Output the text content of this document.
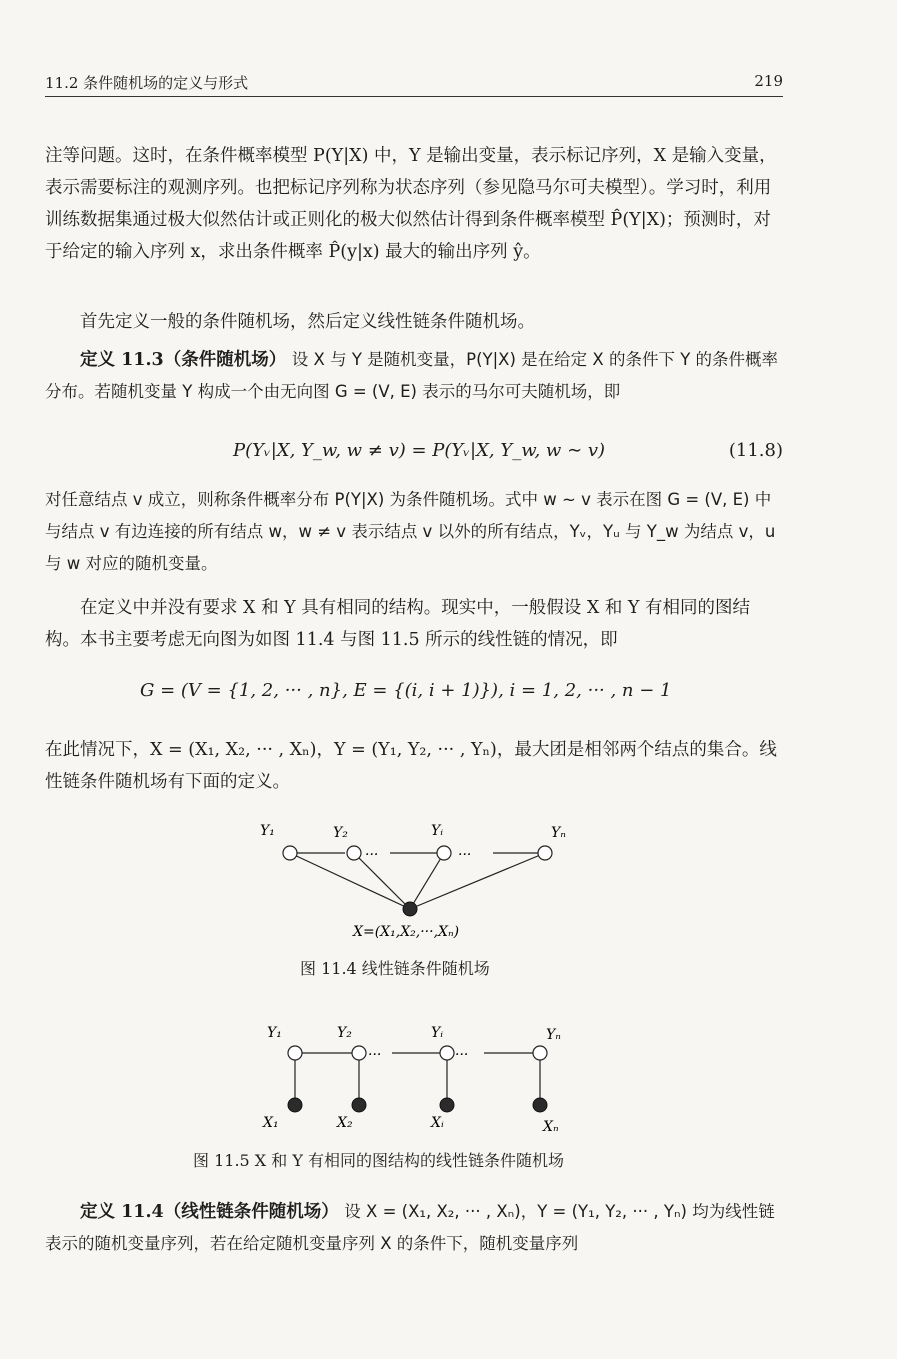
11.2 条件随机场的定义与形式	219
注等问题。这时，在条件概率模型 P(Y|X) 中，Y 是输出变量，表示标记序列，X 是输入变量，表示需要标注的观测序列。也把标记序列称为状态序列（参见隐马尔可夫模型）。学习时，利用训练数据集通过极大似然估计或正则化的极大似然估计得到条件概率模型 P̂(Y|X)；预测时，对于给定的输入序列 x，求出条件概率 P̂(y|x) 最大的输出序列 ŷ。
首先定义一般的条件随机场，然后定义线性链条件随机场。
定义 11.3（条件随机场） 设 X 与 Y 是随机变量，P(Y|X) 是在给定 X 的条件下 Y 的条件概率分布。若随机变量 Y 构成一个由无向图 G = (V, E) 表示的马尔可夫随机场，即
P(Yᵥ|X, Y_w, w ≠ v) = P(Yᵥ|X, Y_w, w ∼ v)	(11.8)
对任意结点 v 成立，则称条件概率分布 P(Y|X) 为条件随机场。式中 w ∼ v 表示在图 G = (V, E) 中与结点 v 有边连接的所有结点 w，w ≠ v 表示结点 v 以外的所有结点，Yᵥ，Yᵤ 与 Y_w 为结点 v，u 与 w 对应的随机变量。
在定义中并没有要求 X 和 Y 具有相同的结构。现实中，一般假设 X 和 Y 有相同的图结构。本书主要考虑无向图为如图 11.4 与图 11.5 所示的线性链的情况，即
G = (V = {1, 2, ··· , n}, E = {(i, i + 1)}), i = 1, 2, ··· , n − 1
在此情况下，X = (X₁, X₂, ··· , Xₙ)，Y = (Y₁, Y₂, ··· , Yₙ)，最大团是相邻两个结点的集合。线性链条件随机场有下面的定义。
Y₁	Y₂	Yᵢ	Yₙ
···	···
X=(X₁,X₂,···,Xₙ)
图 11.4 线性链条件随机场
Y₁	Y₂	Yᵢ	Yₙ
···	···
X₁	X₂	Xᵢ	Xₙ
图 11.5 X 和 Y 有相同的图结构的线性链条件随机场
定义 11.4（线性链条件随机场） 设 X = (X₁, X₂, ··· , Xₙ)，Y = (Y₁, Y₂, ··· , Yₙ) 均为线性链表示的随机变量序列，若在给定随机变量序列 X 的条件下，随机变量序列
